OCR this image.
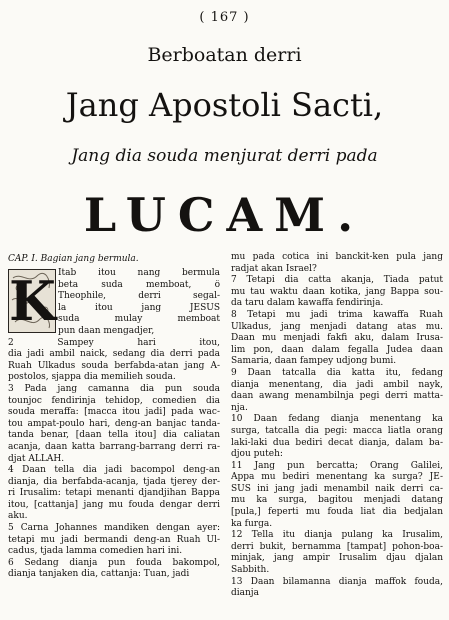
( 167 )
Berboatan derri
Jang Apostoli Sacti,
Jang dia souda menjurat derri pada
LUCAM.
K
CAP. I. Bagian jang bermula.
Itab itou nang bermula
beta suda memboat, ô
Theophile, derri segal-
la itou jang JESUS
suda mulay memboat
pun daan mengadjer,
2 Sampey hari itou,
dia jadi ambil naick, sedang dia derri pada
Ruah Ulkadus souda berfabda-atan jang A-
postolos, sjappa dia memilieh souda.
3 Pada jang camanna dia pun souda
tounjoc fendirinja tehidop, comedien dia
souda meraffa: [macca itou jadi] pada wac-
tou ampat-poulo hari, deng-an banjac tanda-
tanda benar, [daan tella itou] dia caliatan
acanja, daan katta barrang-barrang derri ra-
djat ALLAH.
4 Daan tella dia jadi bacompol deng-an
dianja, dia berfabda-acanja, tjada tjerey der-
ri Irusalim: tetapi menanti djandjihan Bappa
itou, [cattanja] jang mu fouda dengar derri
aku.
5 Carna Johannes mandiken dengan ayer:
tetapi mu jadi bermandi deng-an Ruah Ul-
cadus, tjada lamma comedien hari ini.
6 Sedang dianja pun fouda bakompol,
dianja tanjaken dia, cattanja: Tuan, jadi
mu pada cotica ini banckit-ken pula jang
radjat akan Israel?
7 Tetapi dia catta akanja, Tiada patut
mu tau waktu daan kotika, jang Bappa sou-
da taru dalam kawaffa fendirinja.
8 Tetapi mu jadi trima kawaffa Ruah
Ulkadus, jang menjadi datang atas mu.
Daan mu menjadi fakfi aku, dalam Irusa-
lim pon, daan dalam fegalla Judea daan
Samaria, daan fampey udjong bumi.
9 Daan tatcalla dia katta itu, fedang
dianja menentang, dia jadi ambil nayk,
daan awang menambilnja pegi derri matta-
nja.
10 Daan fedang dianja menentang ka
surga, tatcalla dia pegi: macca liatla orang
laki-laki dua bediri decat dianja, dalam ba-
djou puteh:
11 Jang pun bercatta; Orang Galilei,
Appa mu bediri menentang ka surga? JE-
SUS ini jang jadi menambil naik derri ca-
mu ka surga, bagitou menjadi datang
[pula,] feperti mu fouda liat dia bedjalan
ka furga.
12 Tella itu dianja pulang ka Irusalim,
derri bukit, bernamma [tampat] pohon-boa-
minjak, jang ampir Irusalim djau djalan
Sabbith.
13 Daan bilamanna dianja maffok fouda,
dianja
